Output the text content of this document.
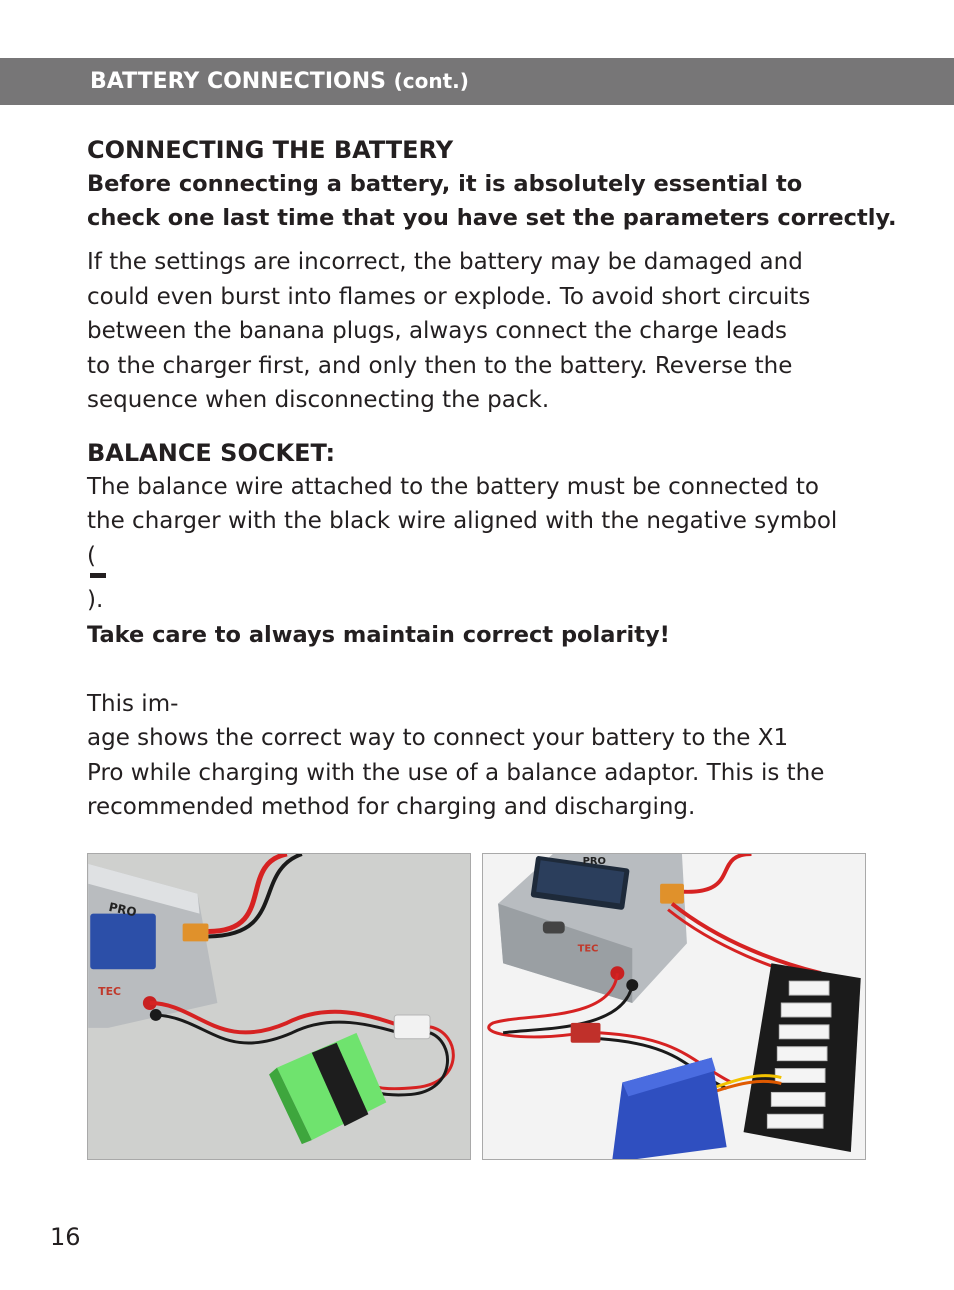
BATTERY CONNECTIONS (cont.)

CONNECTING THE BATTERY

Before connecting a battery, it is absolutely essential to
check one last time that you have set the parameters correctly.

If the settings are incorrect, the battery may be damaged and
could even burst into flames or explode. To avoid short circuits
between the banana plugs, always connect the charge leads
to the charger first, and only then to the battery. Reverse the
sequence when disconnecting the pack.

BALANCE SOCKET:

The balance wire attached to the battery must be connected to
the charger with the black wire aligned with the negative symbol
(
).
Take care to always maintain correct polarity!

This im-
age shows the correct way to connect your battery to the X1
Pro while charging with the use of a balance adaptor. This is the
recommended method for charging and discharging.

PRO
TEC
PRO
TEC

16
